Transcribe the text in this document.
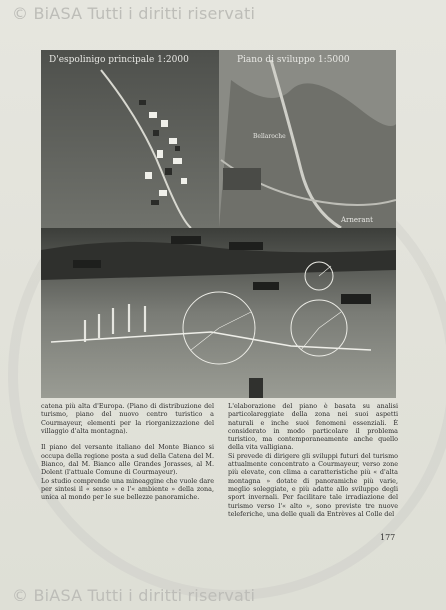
© BiASA Tutti i diritti riservati
D'espolinigo principale 1:2000	Piano di sviluppo 1:5000
Bellaroche
Arnerant

catena più alta d'Europa. (Piano di distribuzione del turismo, piano del nuovo centro turistico a Courmayeur, elementi per la riorganizzazione del villaggio d'alta montagna).

Il piano del versante italiano del Monte Bianco si occupa della regione posta a sud della Catena del M. Bianco, dal M. Bianco alle Grandes Jorasses, al M. Dolent (l'attuale Comune di Courmayeur).

Lo studio comprende una mineaggine che vuole dare per sintesi il « senso » e l'« ambiente » della zona, unica al mondo per le sue bellezze panoramiche.

L'elaborazione del piano è basata su analisi particolareggiate della zona nei suoi aspetti naturali e inche suoi fenomeni essenziali. È considerato in modo particolare il problema turistico, ma contemporaneamente anche quello della vita valligiana.

Si prevede di dirigere gli sviluppi futuri del turismo attualmente concentrato a Courmayeur, verso zone più elevate, con clima a caratteristiche più « d'alta montagna » dotate di panoramiche più varie, meglio soleggiate, e più adatte allo sviluppo degli sport invernali. Per facilitare tale irradiazione del turismo verso l'« alto », sono previste tre nuove teleferiche, una delle quali da Entrèves al Colle del

177
© BiASA Tutti i diritti riservati
